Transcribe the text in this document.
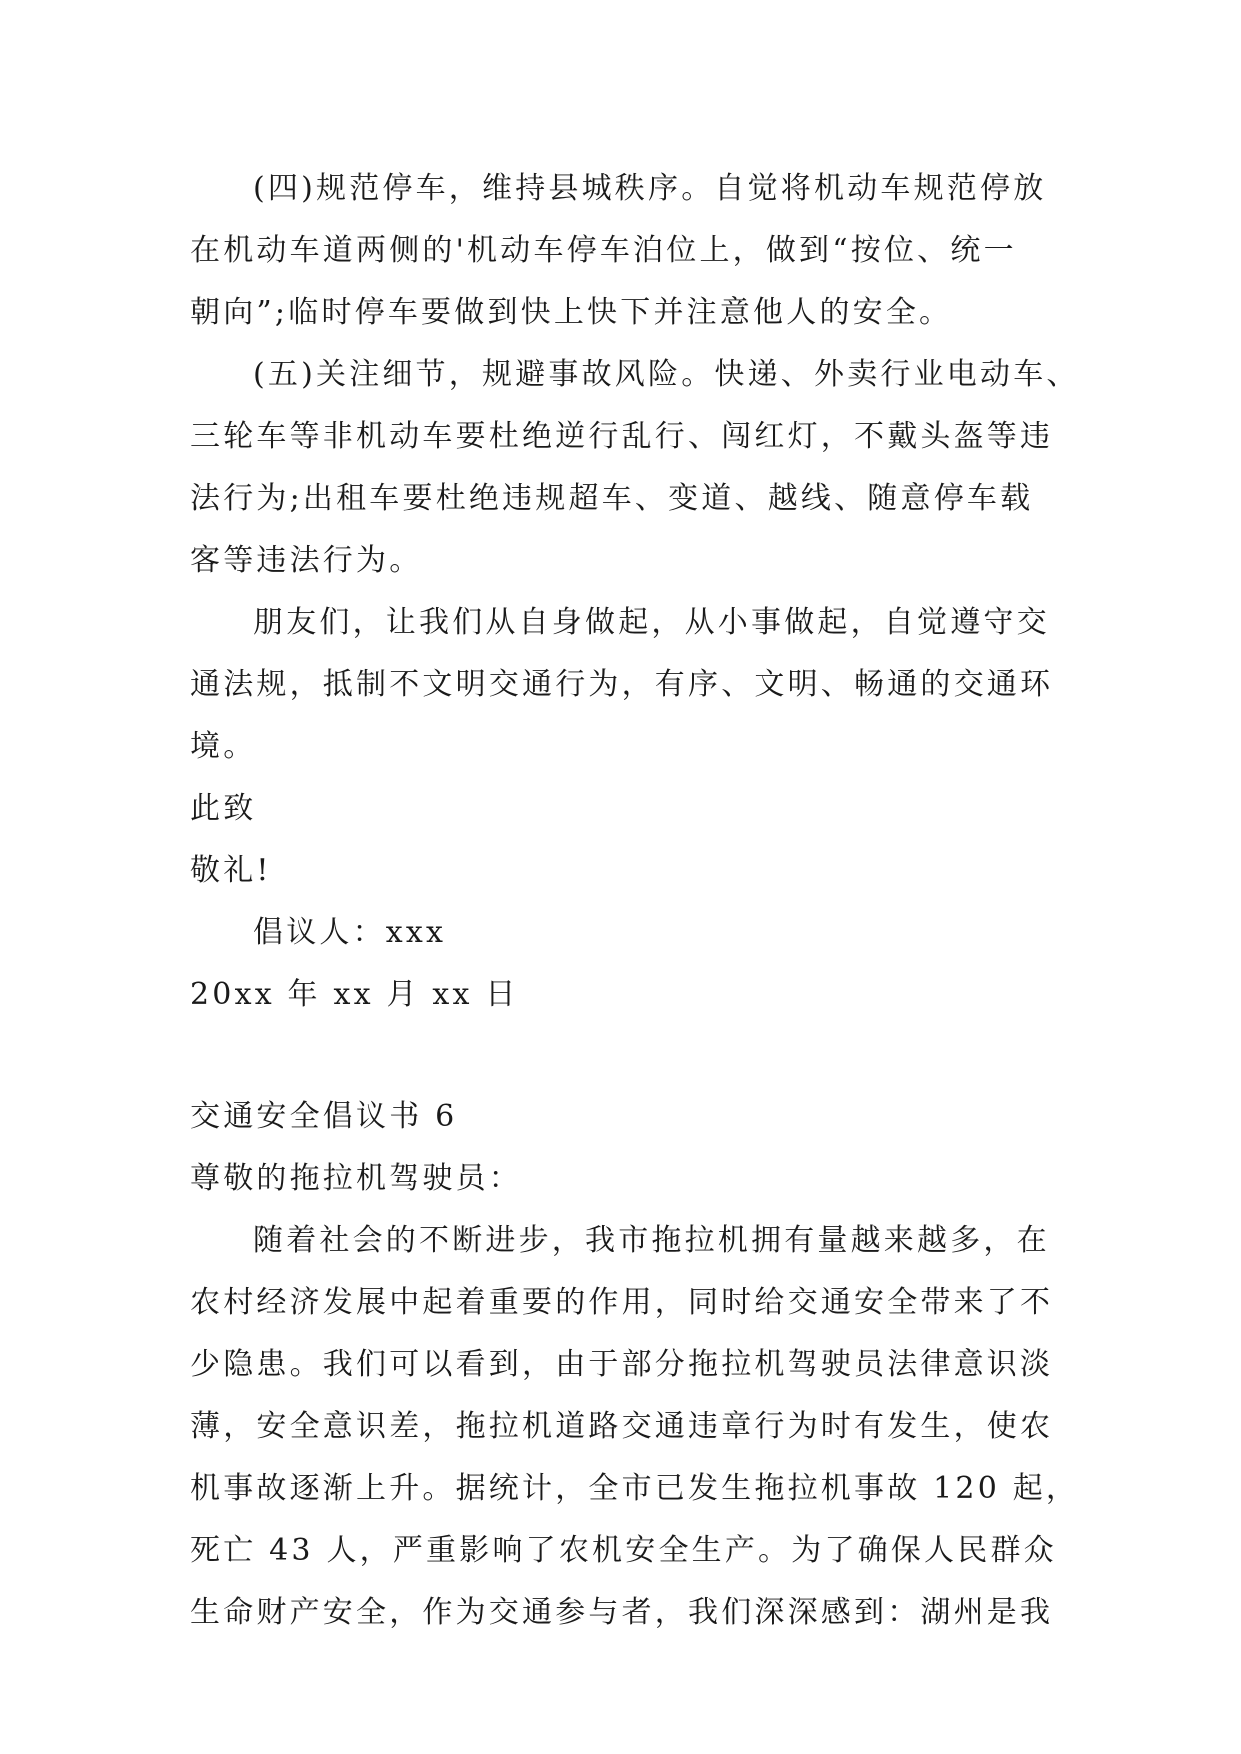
(四)规范停车，维持县城秩序。自觉将机动车规范停放
在机动车道两侧的'机动车停车泊位上，做到“按位、统一
朝向”;临时停车要做到快上快下并注意他人的安全。
(五)关注细节，规避事故风险。快递、外卖行业电动车、
三轮车等非机动车要杜绝逆行乱行、闯红灯，不戴头盔等违
法行为;出租车要杜绝违规超车、变道、越线、随意停车载
客等违法行为。
朋友们，让我们从自身做起，从小事做起，自觉遵守交
通法规，抵制不文明交通行为，有序、文明、畅通的交通环
境。
此致
敬礼!
倡议人：xxx
20xx 年 xx 月 xx 日
交通安全倡议书 6
尊敬的拖拉机驾驶员：
随着社会的不断进步，我市拖拉机拥有量越来越多，在
农村经济发展中起着重要的作用，同时给交通安全带来了不
少隐患。我们可以看到，由于部分拖拉机驾驶员法律意识淡
薄，安全意识差，拖拉机道路交通违章行为时有发生，使农
机事故逐渐上升。据统计，全市已发生拖拉机事故 120 起，
死亡 43 人，严重影响了农机安全生产。为了确保人民群众
生命财产安全，作为交通参与者，我们深深感到：湖州是我
